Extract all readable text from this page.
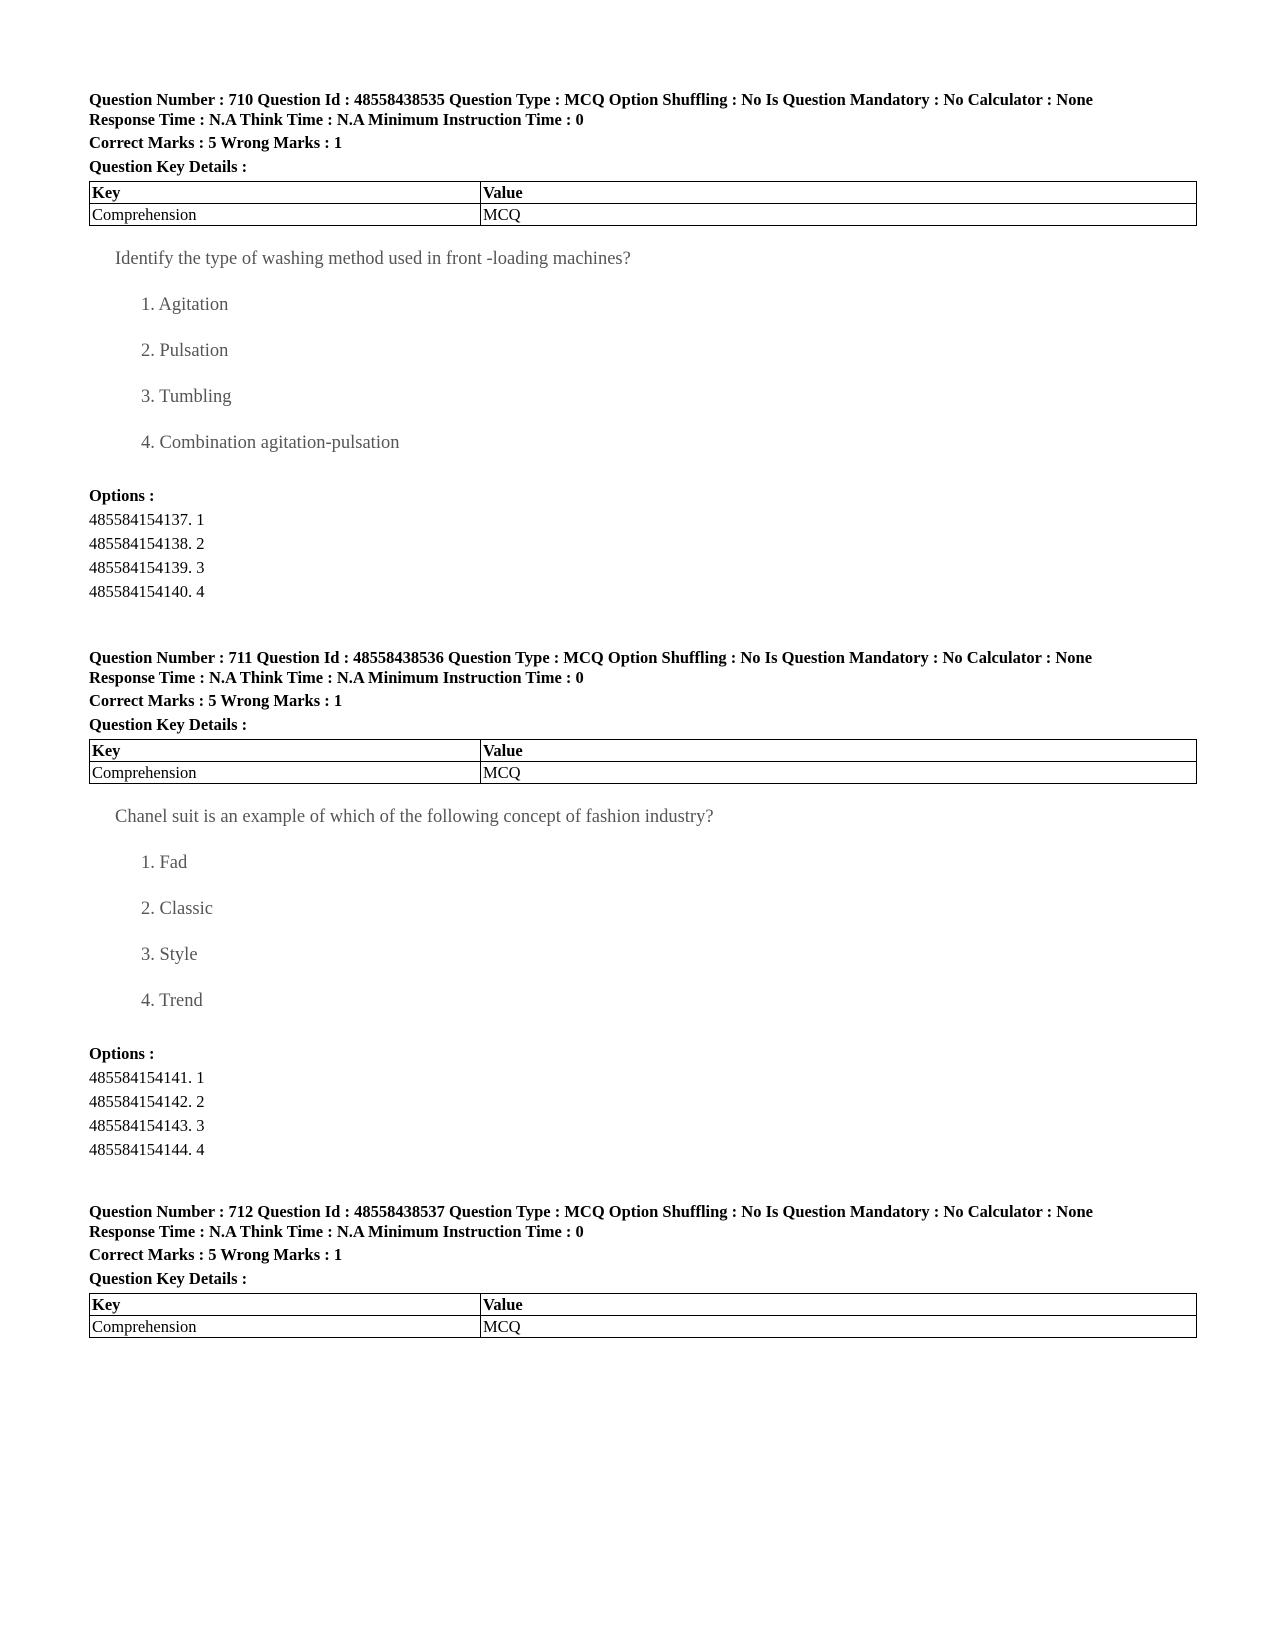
Question Number : 710 Question Id : 48558438535 Question Type : MCQ Option Shuffling : No Is Question Mandatory : No Calculator : None
Response Time : N.A Think Time : N.A Minimum Instruction Time : 0
Correct Marks : 5 Wrong Marks : 1
Question Key Details :
Key	Value
Comprehension	MCQ
Identify the type of washing method used in front -loading machines?
1. Agitation
2. Pulsation
3. Tumbling
4. Combination agitation-pulsation
Options :
485584154137. 1
485584154138. 2
485584154139. 3
485584154140. 4
Question Number : 711 Question Id : 48558438536 Question Type : MCQ Option Shuffling : No Is Question Mandatory : No Calculator : None
Response Time : N.A Think Time : N.A Minimum Instruction Time : 0
Correct Marks : 5 Wrong Marks : 1
Question Key Details :
Key	Value
Comprehension	MCQ
Chanel suit is an example of which of the following concept of fashion industry?
1. Fad
2. Classic
3. Style
4. Trend
Options :
485584154141. 1
485584154142. 2
485584154143. 3
485584154144. 4
Question Number : 712 Question Id : 48558438537 Question Type : MCQ Option Shuffling : No Is Question Mandatory : No Calculator : None
Response Time : N.A Think Time : N.A Minimum Instruction Time : 0
Correct Marks : 5 Wrong Marks : 1
Question Key Details :
Key	Value
Comprehension	MCQ
